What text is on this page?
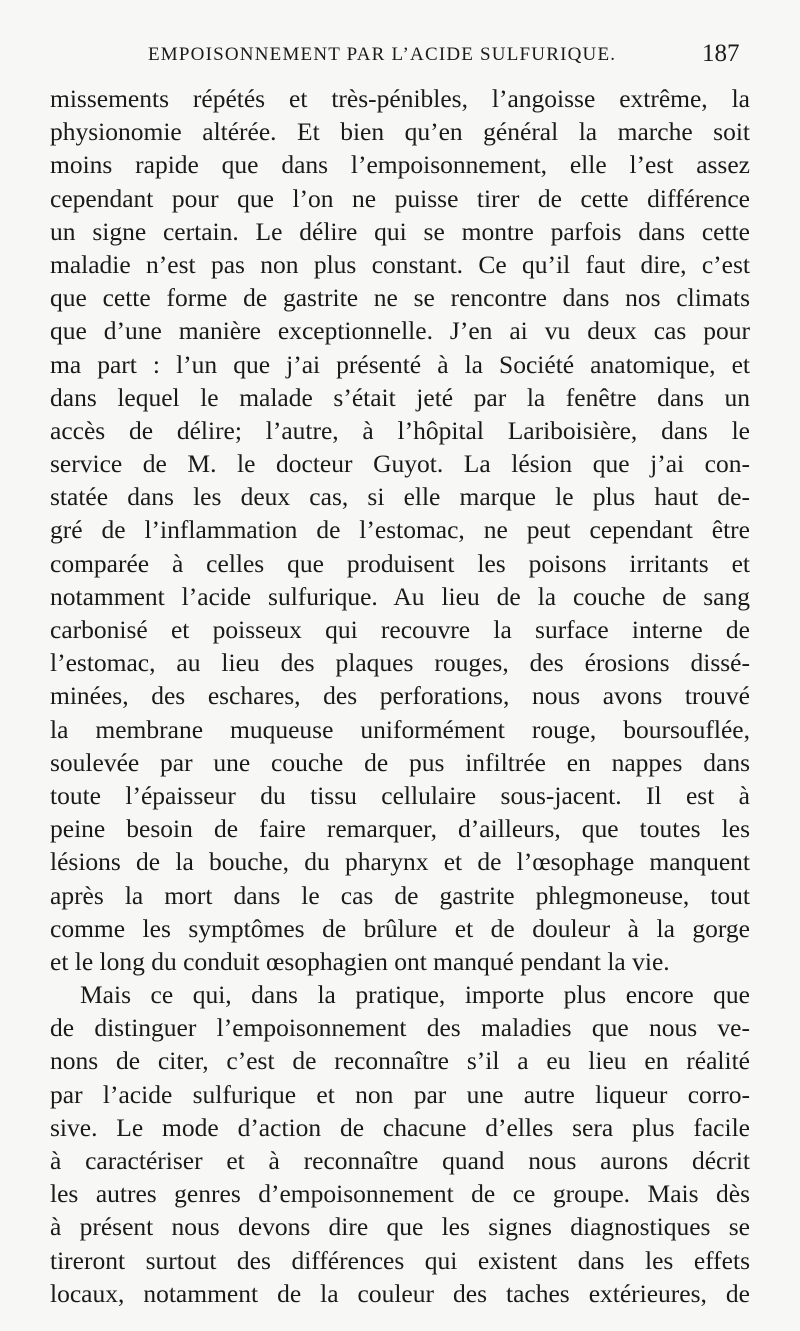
EMPOISONNEMENT PAR L’ACIDE SULFURIQUE.	187
missements répétés et très-pénibles, l’angoisse extrême, la
physionomie altérée. Et bien qu’en général la marche soit
moins rapide que dans l’empoisonnement, elle l’est assez
cependant pour que l’on ne puisse tirer de cette différence
un signe certain. Le délire qui se montre parfois dans cette
maladie n’est pas non plus constant. Ce qu’il faut dire, c’est
que cette forme de gastrite ne se rencontre dans nos climats
que d’une manière exceptionnelle. J’en ai vu deux cas pour
ma part : l’un que j’ai présenté à la Société anatomique, et
dans lequel le malade s’était jeté par la fenêtre dans un
accès de délire; l’autre, à l’hôpital Lariboisière, dans le
service de M. le docteur Guyot. La lésion que j’ai con-
statée dans les deux cas, si elle marque le plus haut de-
gré de l’inflammation de l’estomac, ne peut cependant être
comparée à celles que produisent les poisons irritants et
notamment l’acide sulfurique. Au lieu de la couche de sang
carbonisé et poisseux qui recouvre la surface interne de
l’estomac, au lieu des plaques rouges, des érosions dissé-
minées, des eschares, des perforations, nous avons trouvé
la membrane muqueuse uniformément rouge, boursouflée,
soulevée par une couche de pus infiltrée en nappes dans
toute l’épaisseur du tissu cellulaire sous-jacent. Il est à
peine besoin de faire remarquer, d’ailleurs, que toutes les
lésions de la bouche, du pharynx et de l’œsophage manquent
après la mort dans le cas de gastrite phlegmoneuse, tout
comme les symptômes de brûlure et de douleur à la gorge
et le long du conduit œsophagien ont manqué pendant la vie.
Mais ce qui, dans la pratique, importe plus encore que
de distinguer l’empoisonnement des maladies que nous ve-
nons de citer, c’est de reconnaître s’il a eu lieu en réalité
par l’acide sulfurique et non par une autre liqueur corro-
sive. Le mode d’action de chacune d’elles sera plus facile
à caractériser et à reconnaître quand nous aurons décrit
les autres genres d’empoisonnement de ce groupe. Mais dès
à présent nous devons dire que les signes diagnostiques se
tireront surtout des différences qui existent dans les effets
locaux, notamment de la couleur des taches extérieures, de
